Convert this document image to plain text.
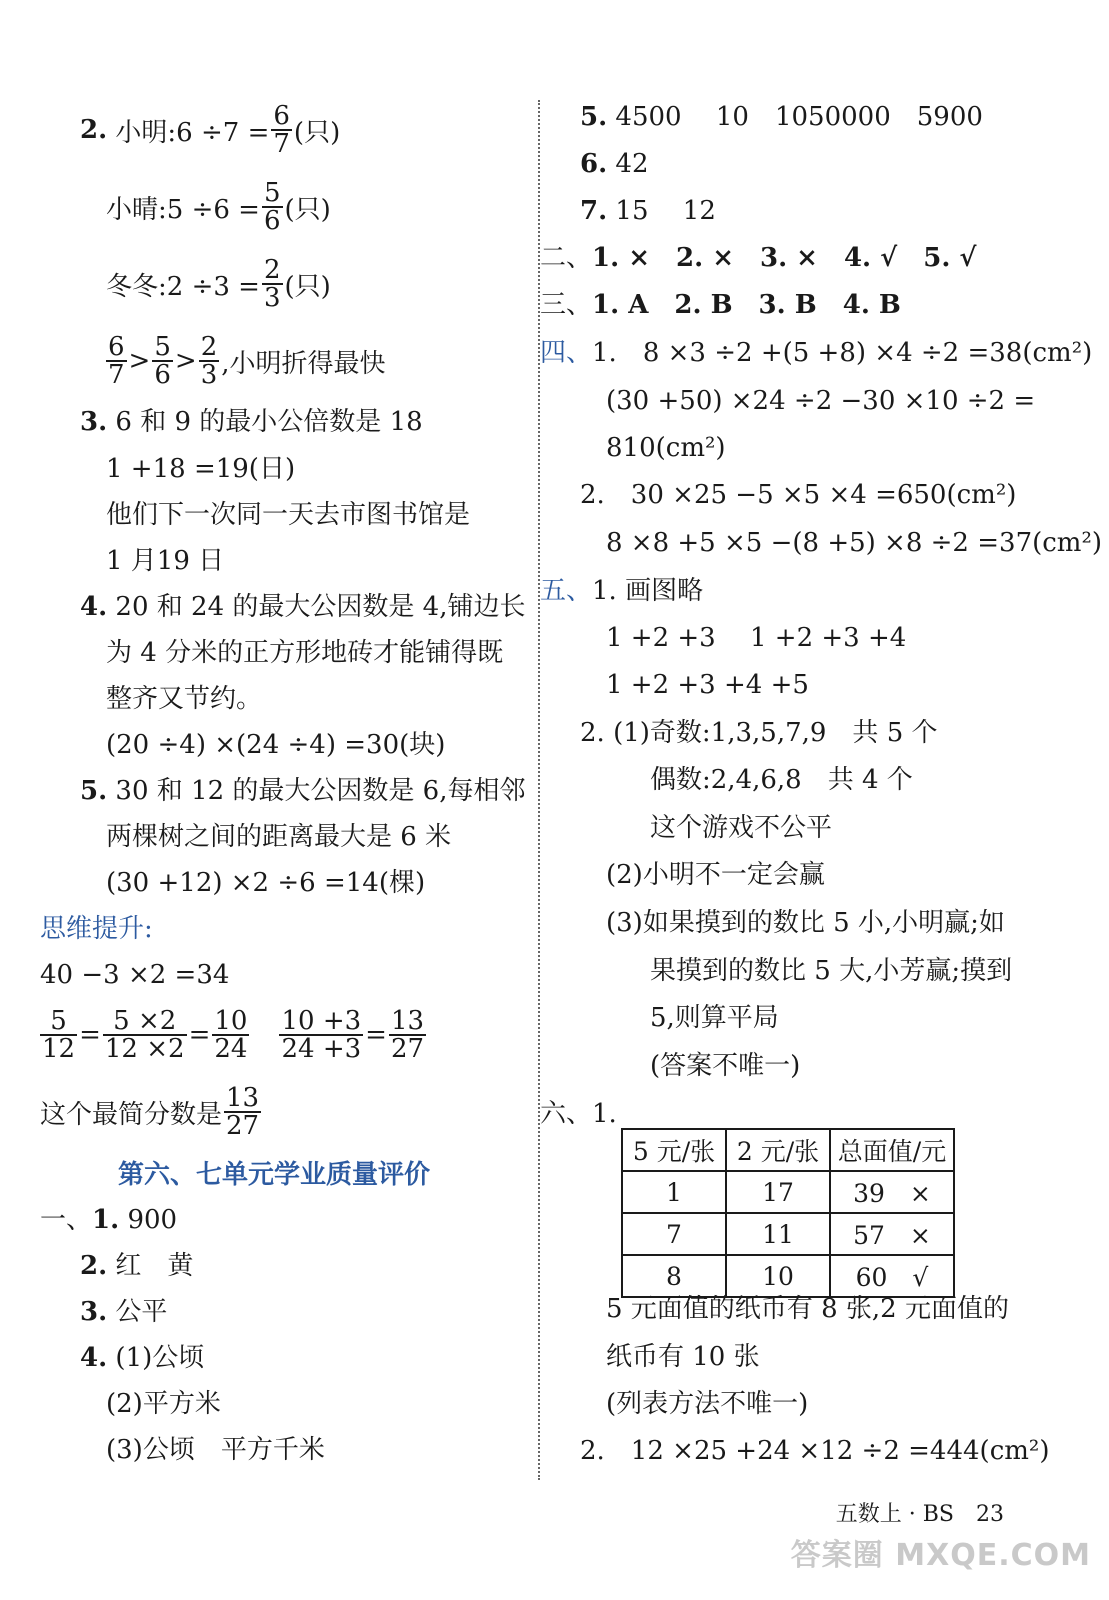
2.
小明:6 $\div 7 = \frac{6}{7}$ (只)
小晴:5 $\div 6 = \frac{5}{6}$ (只)
冬冬:2 $\div 3 = \frac{2}{3}$ (只)
$\frac{6}{7} > \frac{5}{6} > \frac{2}{3}$ ,小明折得最快
3. 6 和 9 的最小公倍数是 18
1 +18 =19(日)
他们下一次同一天去市图书馆是
1 月19 日
4. 20 和 24 的最大公因数是 4,铺边长
为 4 分米的正方形地砖才能铺得既
整齐又节约。
(20 ÷4) ×(24 ÷4) =30(块)
5. 30 和 12 的最大公因数是 6,每相邻
两棵树之间的距离最大是 6 米
(30 +12) ×2 ÷6 =14(棵)
思维提升:
40 −3 ×2 =34
$\frac{5}{12} = \frac{5 \times 2}{12 \times 2} = \frac{10}{24} \frac{10 +3}{24 +3} = \frac{13}{27}$
这个最简分数是 $\frac{13}{27}$
第六、七单元学业质量评价
一、1. 900
2. 红　黄
3. 公平
4. (1)公顷
(2)平方米
(3)公顷　平方千米
5. 4500　 10　1050000　5900
6. 42
7. 15　 12
二、1. ×　2. ×　3. ×　4. √　5. √
三、1. A　2. B　3. B　4. B
四、1.　8 ×3 ÷2 +(5 +8) ×4 ÷2 =38(cm²)
(30 +50) ×24 ÷2 −30 ×10 ÷2 =
810(cm²)
2.　30 ×25 −5 ×5 ×4 =650(cm²)
8 ×8 +5 ×5 −(8 +5) ×8 ÷2 =37(cm²)
五、1. 画图略
1 +2 +3　 1 +2 +3 +4
1 +2 +3 +4 +5
2. (1)奇数:1,3,5,7,9　共 5 个
偶数:2,4,6,8　共 4 个
这个游戏不公平
(2)小明不一定会赢
(3)如果摸到的数比 5 小,小明赢;如
果摸到的数比 5 大,小芳赢;摸到
5,则算平局
(答案不唯一)
六、1.
5 元/张	2 元/张	总面值/元
1	17	39　×
7	11	57　×
8	10	60　√
5 元面值的纸币有 8 张,2 元面值的
纸币有 10 张
(列表方法不唯一)
2.　12 ×25 +24 ×12 ÷2 =444(cm²)
五数上 · BS　23
答案圈 MXQE.COM
